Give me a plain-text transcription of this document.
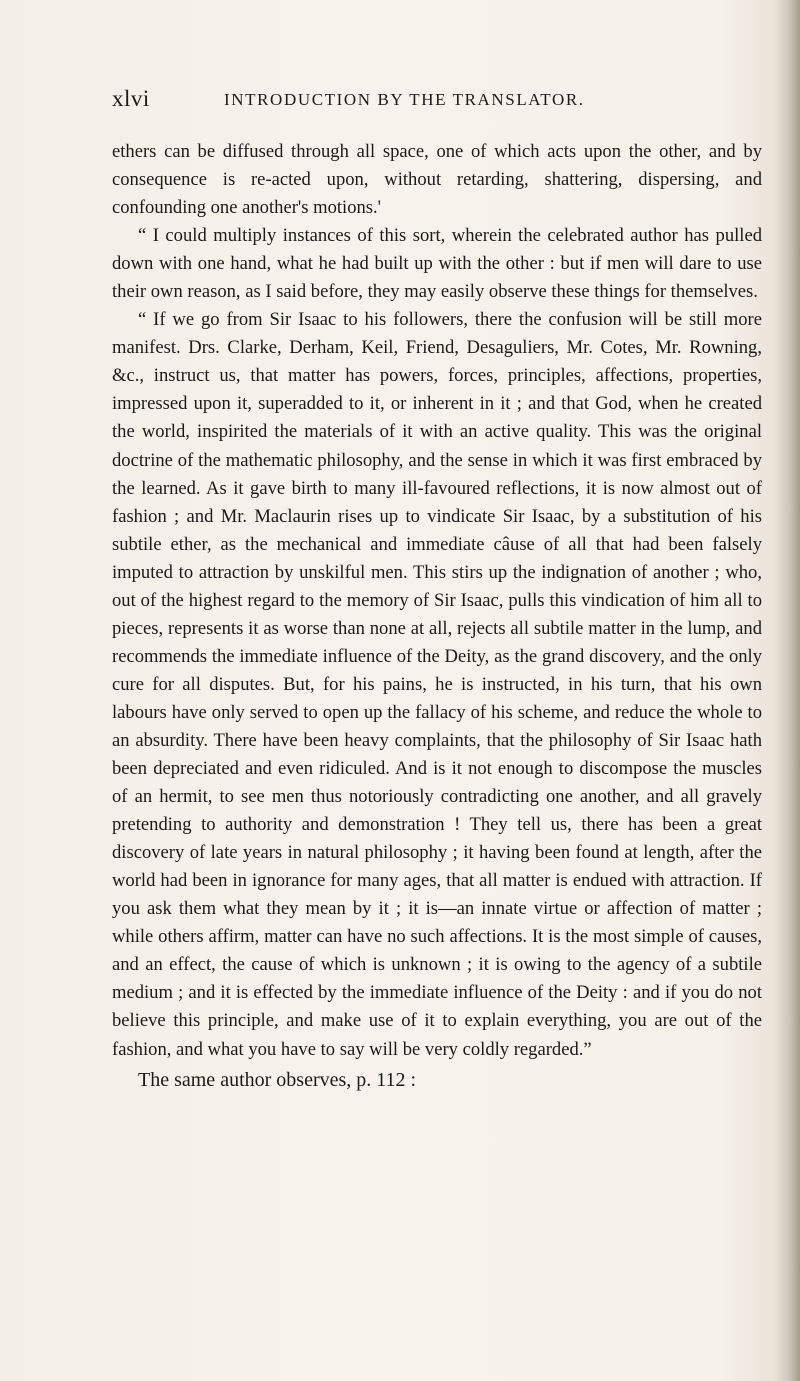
xlvi	INTRODUCTION BY THE TRANSLATOR.

ethers can be diffused through all space, one of which acts upon the other, and by consequence is re-acted upon, without retarding, shattering, dispersing, and confounding one another's motions.'

“ I could multiply instances of this sort, wherein the celebrated author has pulled down with one hand, what he had built up with the other : but if men will dare to use their own reason, as I said before, they may easily observe these things for themselves.

“ If we go from Sir Isaac to his followers, there the confusion will be still more manifest. Drs. Clarke, Derham, Keil, Friend, Desaguliers, Mr. Cotes, Mr. Rowning, &c., instruct us, that matter has powers, forces, principles, affections, properties, impressed upon it, superadded to it, or inherent in it ; and that God, when he created the world, inspirited the materials of it with an active quality. This was the original doctrine of the mathematic philosophy, and the sense in which it was first embraced by the learned. As it gave birth to many ill-favoured reflections, it is now almost out of fashion ; and Mr. Maclaurin rises up to vindicate Sir Isaac, by a substitution of his subtile ether, as the mechanical and immediate câuse of all that had been falsely imputed to attraction by unskilful men. This stirs up the indignation of another ; who, out of the highest regard to the memory of Sir Isaac, pulls this vindication of him all to pieces, represents it as worse than none at all, rejects all subtile matter in the lump, and recommends the immediate influence of the Deity, as the grand discovery, and the only cure for all disputes. But, for his pains, he is instructed, in his turn, that his own labours have only served to open up the fallacy of his scheme, and reduce the whole to an absurdity. There have been heavy complaints, that the philosophy of Sir Isaac hath been depreciated and even ridiculed. And is it not enough to discompose the muscles of an hermit, to see men thus notoriously contradicting one another, and all gravely pretending to authority and demonstration ! They tell us, there has been a great discovery of late years in natural philosophy ; it having been found at length, after the world had been in ignorance for many ages, that all matter is endued with attraction. If you ask them what they mean by it ; it is—an innate virtue or affection of matter ; while others affirm, matter can have no such affections. It is the most simple of causes, and an effect, the cause of which is unknown ; it is owing to the agency of a subtile medium ; and it is effected by the immediate influence of the Deity : and if you do not believe this principle, and make use of it to explain everything, you are out of the fashion, and what you have to say will be very coldly regarded.”

The same author observes, p. 112 :
